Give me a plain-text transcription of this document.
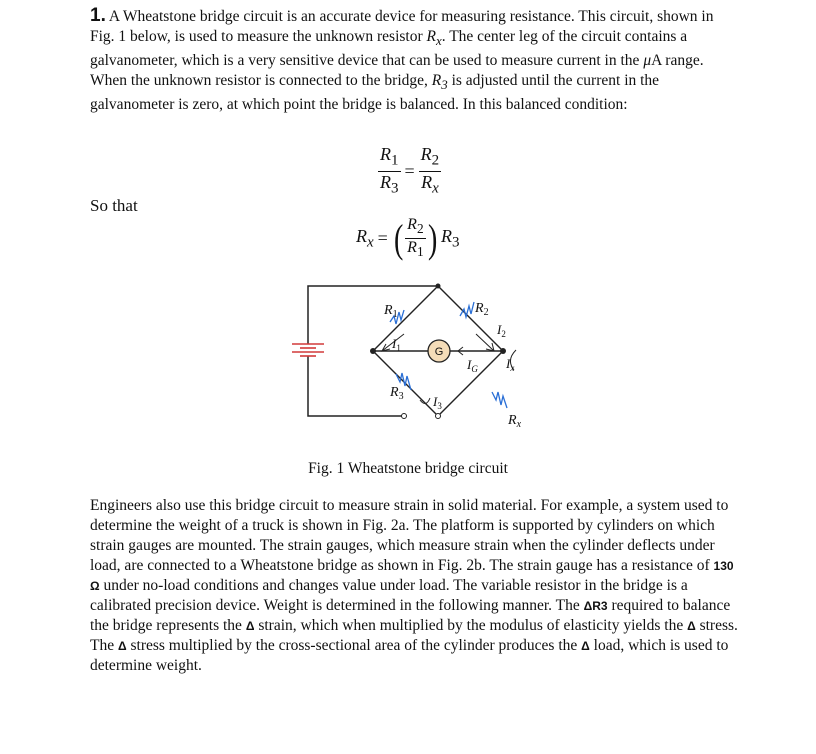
1. A Wheatstone bridge circuit is an accurate device for measuring resistance. This circuit, shown in Fig. 1 below, is used to measure the unknown resistor $R_x$. The center leg of the circuit contains a galvanometer, which is a very sensitive device that can be used to measure current in the μA range. When the unknown resistor is connected to the bridge, $R_3$ is adjusted until the current in the galvanometer is zero, at which point the bridge is balanced. In this balanced condition:
$\frac{R_1}{R_3} = \frac{R_2}{R_x}$
So that
$R_x$ = ( $\frac{R_2}{R_1}$ ) $R_3$
$R_1$	$R_2$
$R_3$
$R_x$
$I_1$
$I_2$
$I_3$
$I_x$
$I_G$
G
Fig. 1 Wheatstone bridge circuit
Engineers also use this bridge circuit to measure strain in solid material. For example, a system used to determine the weight of a truck is shown in Fig. 2a. The platform is supported by cylinders on which strain gauges are mounted. The strain gauges, which measure strain when the cylinder deflects under load, are connected to a Wheatstone bridge as shown in Fig. 2b. The strain gauge has a resistance of 130 Ω under no-load conditions and changes value under load. The variable resistor in the bridge is a calibrated precision device. Weight is determined in the following manner. The ΔR3 required to balance the bridge represents the Δ strain, which when multiplied by the modulus of elasticity yields the Δ stress. The Δ stress multiplied by the cross-sectional area of the cylinder produces the Δ load, which is used to determine weight.
